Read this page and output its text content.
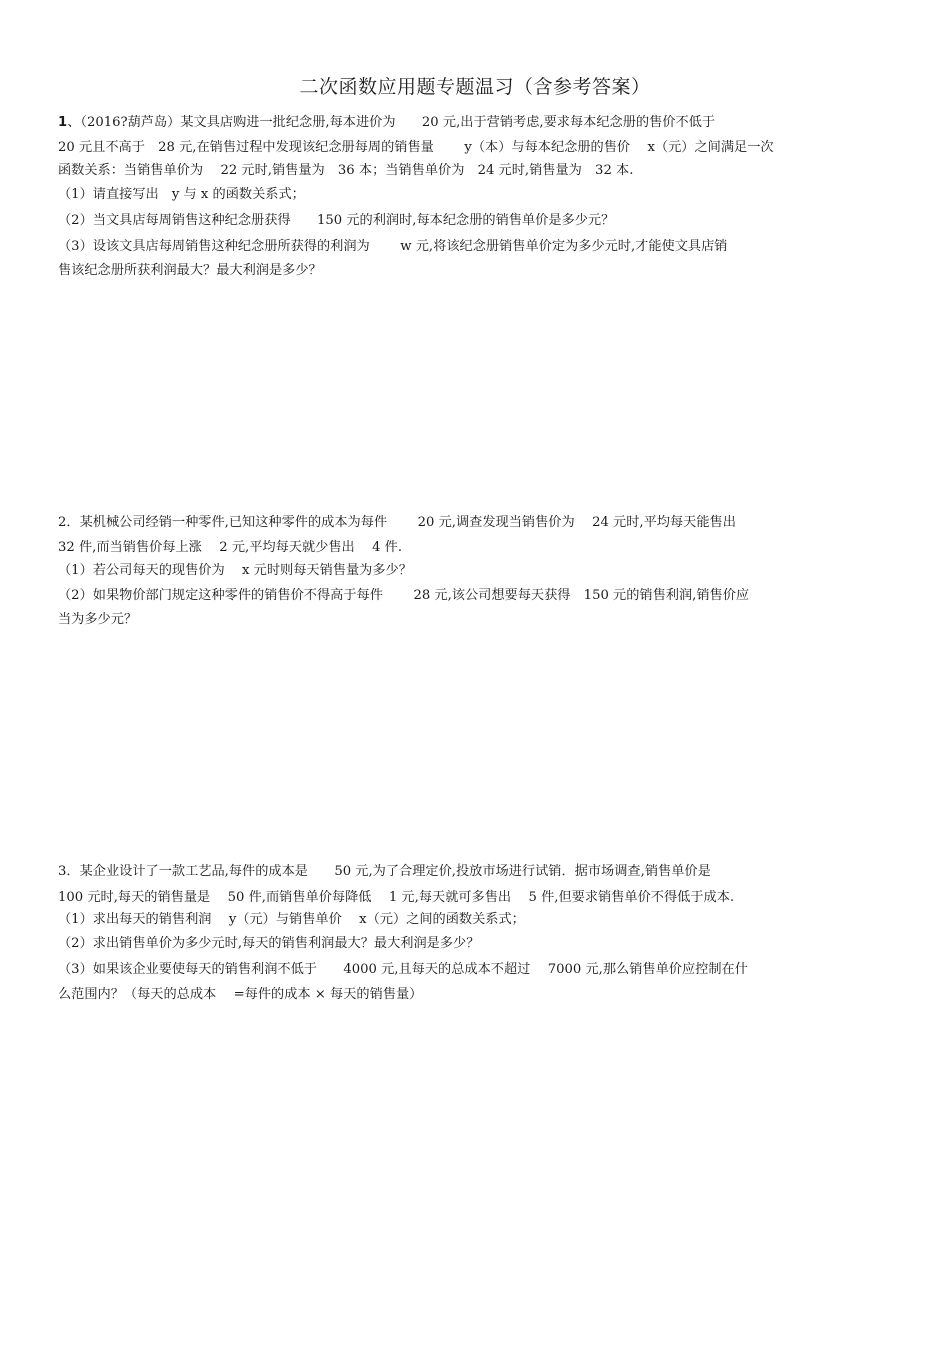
二次函数应用题专题温习（含参考答案）
1、（2016?葫芦岛）某文具店购进一批纪念册,每本进价为　　20 元,出于营销考虑,要求每本纪念册的售价不低于
20 元且不高于　28 元,在销售过程中发现该纪念册每周的销售量　　 y（本）与每本纪念册的售价　 x（元）之间满足一次
函数关系：当销售单价为　 22 元时,销售量为　36 本；当销售单价为　24 元时,销售量为　32 本.
（1）请直接写出　y 与 x 的函数关系式；
（2）当文具店每周销售这种纪念册获得　　150 元的利润时,每本纪念册的销售单价是多少元？
（3）设该文具店每周销售这种纪念册所获得的利润为　　 w 元,将该纪念册销售单价定为多少元时,才能使文具店销
售该纪念册所获利润最大？最大利润是多少？
2．某机械公司经销一种零件,已知这种零件的成本为每件　　 20 元,调查发现当销售价为　 24 元时,平均每天能售出
32 件,而当销售价每上涨　 2 元,平均每天就少售出　 4 件.
（1）若公司每天的现售价为　 x 元时则每天销售量为多少？
（2）如果物价部门规定这种零件的销售价不得高于每件　　 28 元,该公司想要每天获得　150 元的销售利润,销售价应
当为多少元？
3．某企业设计了一款工艺品,每件的成本是　　50 元,为了合理定价,投放市场进行试销．据市场调查,销售单价是
100 元时,每天的销售量是　 50 件,而销售单价每降低　 1 元,每天就可多售出　 5 件,但要求销售单价不得低于成本.
（1）求出每天的销售利润　 y（元）与销售单价　 x（元）之间的函数关系式；
（2）求出销售单价为多少元时,每天的销售利润最大？最大利润是多少？
（3）如果该企业要使每天的销售利润不低于　　4000 元,且每天的总成本不超过　 7000 元,那么销售单价应控制在什
么范围内？（每天的总成本　 =每件的成本 × 每天的销售量）
